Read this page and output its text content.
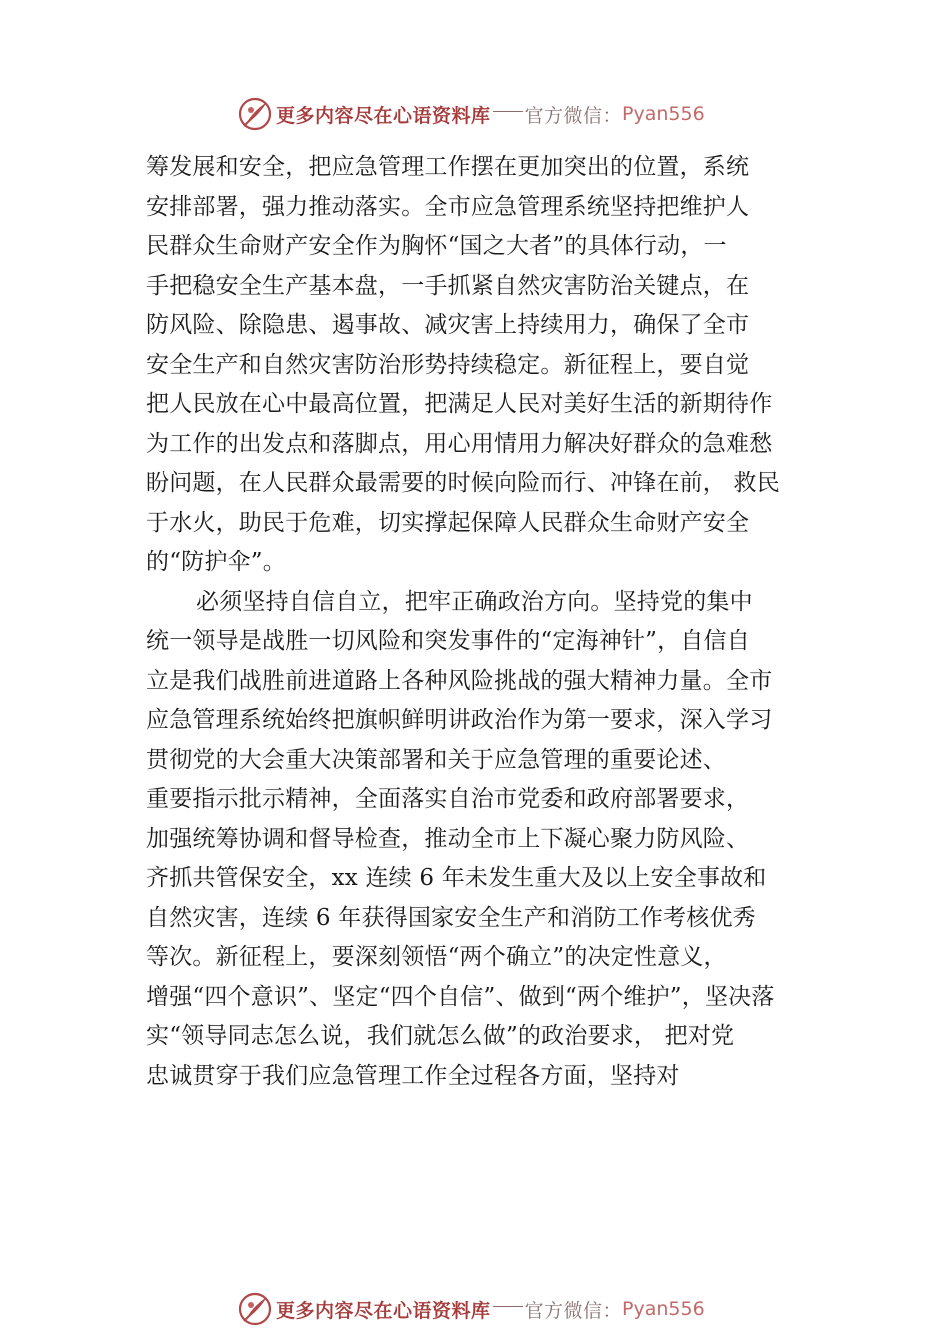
更多内容尽在心语资料库 官方微信： Pyan556
筹发展和安全，把应急管理工作摆在更加突出的位置，系统
安排部署，强力推动落实。全市应急管理系统坚持把维护人
民群众生命财产安全作为胸怀“国之大者”的具体行动，一
手把稳安全生产基本盘，一手抓紧自然灾害防治关键点，在
防风险、除隐患、遏事故、减灾害上持续用力，确保了全市
安全生产和自然灾害防治形势持续稳定。新征程上，要自觉
把人民放在心中最高位置，把满足人民对美好生活的新期待作
为工作的出发点和落脚点，用心用情用力解决好群众的急难愁
盼问题，在人民群众最需要的时候向险而行、冲锋在前， 救民
于水火，助民于危难，切实撑起保障人民群众生命财产安全
的“防护伞”。
必须坚持自信自立，把牢正确政治方向。坚持党的集中
统一领导是战胜一切风险和突发事件的“定海神针”，自信自
立是我们战胜前进道路上各种风险挑战的强大精神力量。全市
应急管理系统始终把旗帜鲜明讲政治作为第一要求，深入学习
贯彻党的大会重大决策部署和关于应急管理的重要论述、
重要指示批示精神，全面落实自治市党委和政府部署要求，
加强统筹协调和督导检查，推动全市上下凝心聚力防风险、
齐抓共管保安全，xx 连续 6 年未发生重大及以上安全事故和
自然灾害，连续 6 年获得国家安全生产和消防工作考核优秀
等次。新征程上，要深刻领悟“两个确立”的决定性意义，
增强“四个意识”、坚定“四个自信”、做到“两个维护”，坚决落
实“领导同志怎么说，我们就怎么做”的政治要求， 把对党
忠诚贯穿于我们应急管理工作全过程各方面，坚持对
更多内容尽在心语资料库 官方微信： Pyan556
